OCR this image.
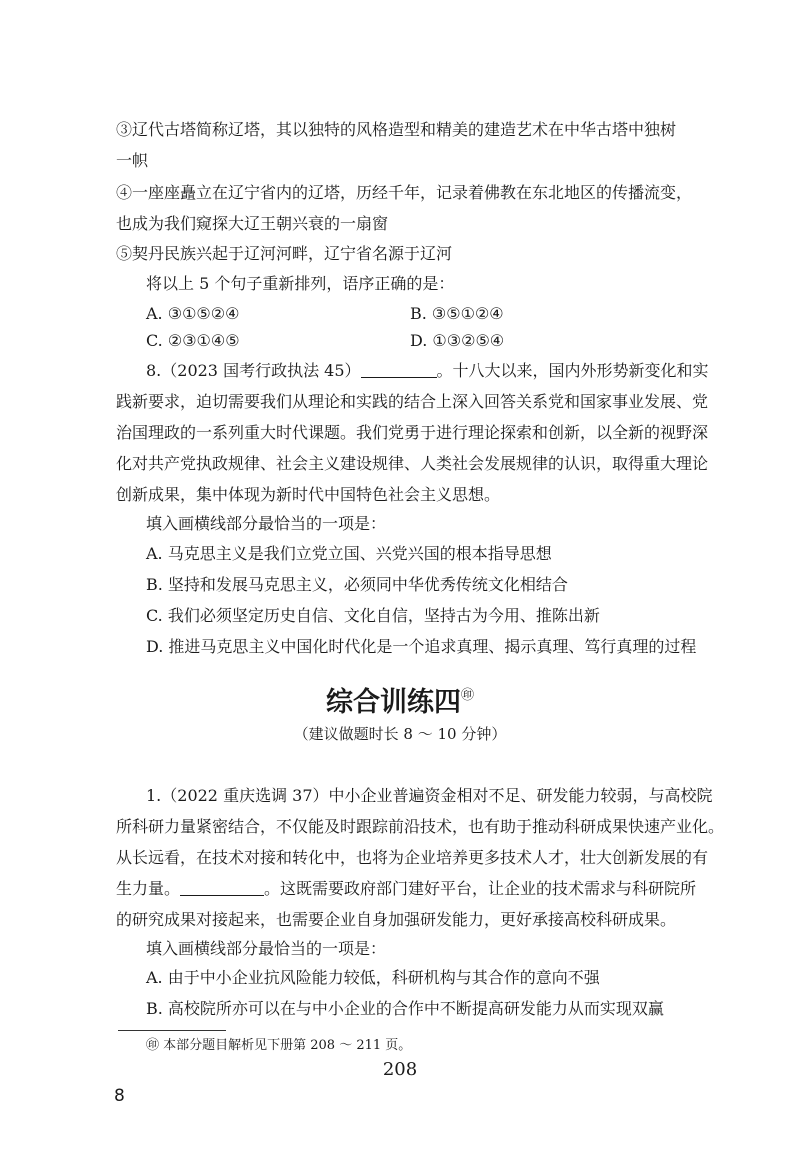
③辽代古塔简称辽塔，其以独特的风格造型和精美的建造艺术在中华古塔中独树
一帜
④一座座矗立在辽宁省内的辽塔，历经千年，记录着佛教在东北地区的传播流变，
也成为我们窥探大辽王朝兴衰的一扇窗
⑤契丹民族兴起于辽河河畔，辽宁省名源于辽河
将以上 5 个句子重新排列，语序正确的是：
A. ③①⑤②④	B. ③⑤①②④
C. ②③①④⑤	D. ①③②⑤④
8.（2023 国考行政执法 45）	。十八大以来，国内外形势新变化和实
践新要求，迫切需要我们从理论和实践的结合上深入回答关系党和国家事业发展、党
治国理政的一系列重大时代课题。我们党勇于进行理论探索和创新，以全新的视野深
化对共产党执政规律、社会主义建设规律、人类社会发展规律的认识，取得重大理论
创新成果，集中体现为新时代中国特色社会主义思想。
填入画横线部分最恰当的一项是：
A. 马克思主义是我们立党立国、兴党兴国的根本指导思想
B. 坚持和发展马克思主义，必须同中华优秀传统文化相结合
C. 我们必须坚定历史自信、文化自信，坚持古为今用、推陈出新
D. 推进马克思主义中国化时代化是一个追求真理、揭示真理、笃行真理的过程
综合训练四㊞
（建议做题时长 8 ～ 10 分钟）
1.（2022 重庆选调 37）中小企业普遍资金相对不足、研发能力较弱，与高校院
所科研力量紧密结合，不仅能及时跟踪前沿技术，也有助于推动科研成果快速产业化。
从长远看，在技术对接和转化中，也将为企业培养更多技术人才，壮大创新发展的有
生力量。	。这既需要政府部门建好平台，让企业的技术需求与科研院所
的研究成果对接起来，也需要企业自身加强研发能力，更好承接高校科研成果。
填入画横线部分最恰当的一项是：
A. 由于中小企业抗风险能力较低，科研机构与其合作的意向不强
B. 高校院所亦可以在与中小企业的合作中不断提高研发能力从而实现双赢
㊞ 本部分题目解析见下册第 208 ～ 211 页。
208
8
